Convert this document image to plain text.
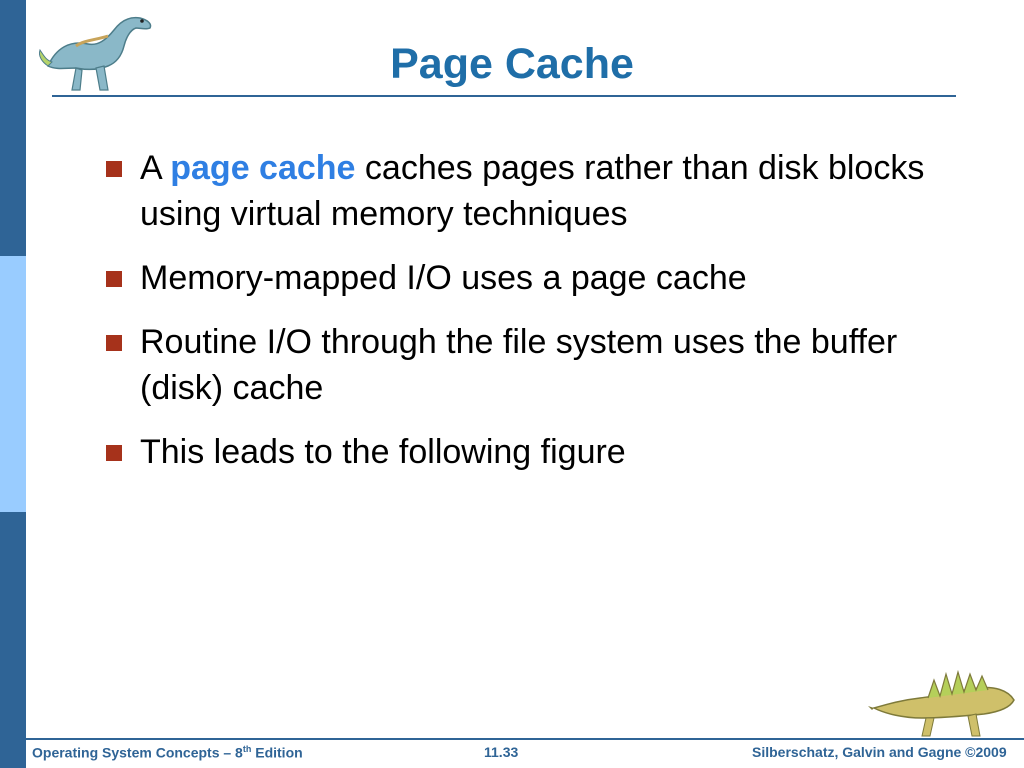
Page Cache
A page cache caches pages rather than disk blocks using virtual memory techniques
Memory-mapped I/O uses a page cache
Routine I/O through the file system uses the buffer (disk) cache
This leads to the following figure
Operating System Concepts – 8th Edition	11.33	Silberschatz, Galvin and Gagne ©2009
